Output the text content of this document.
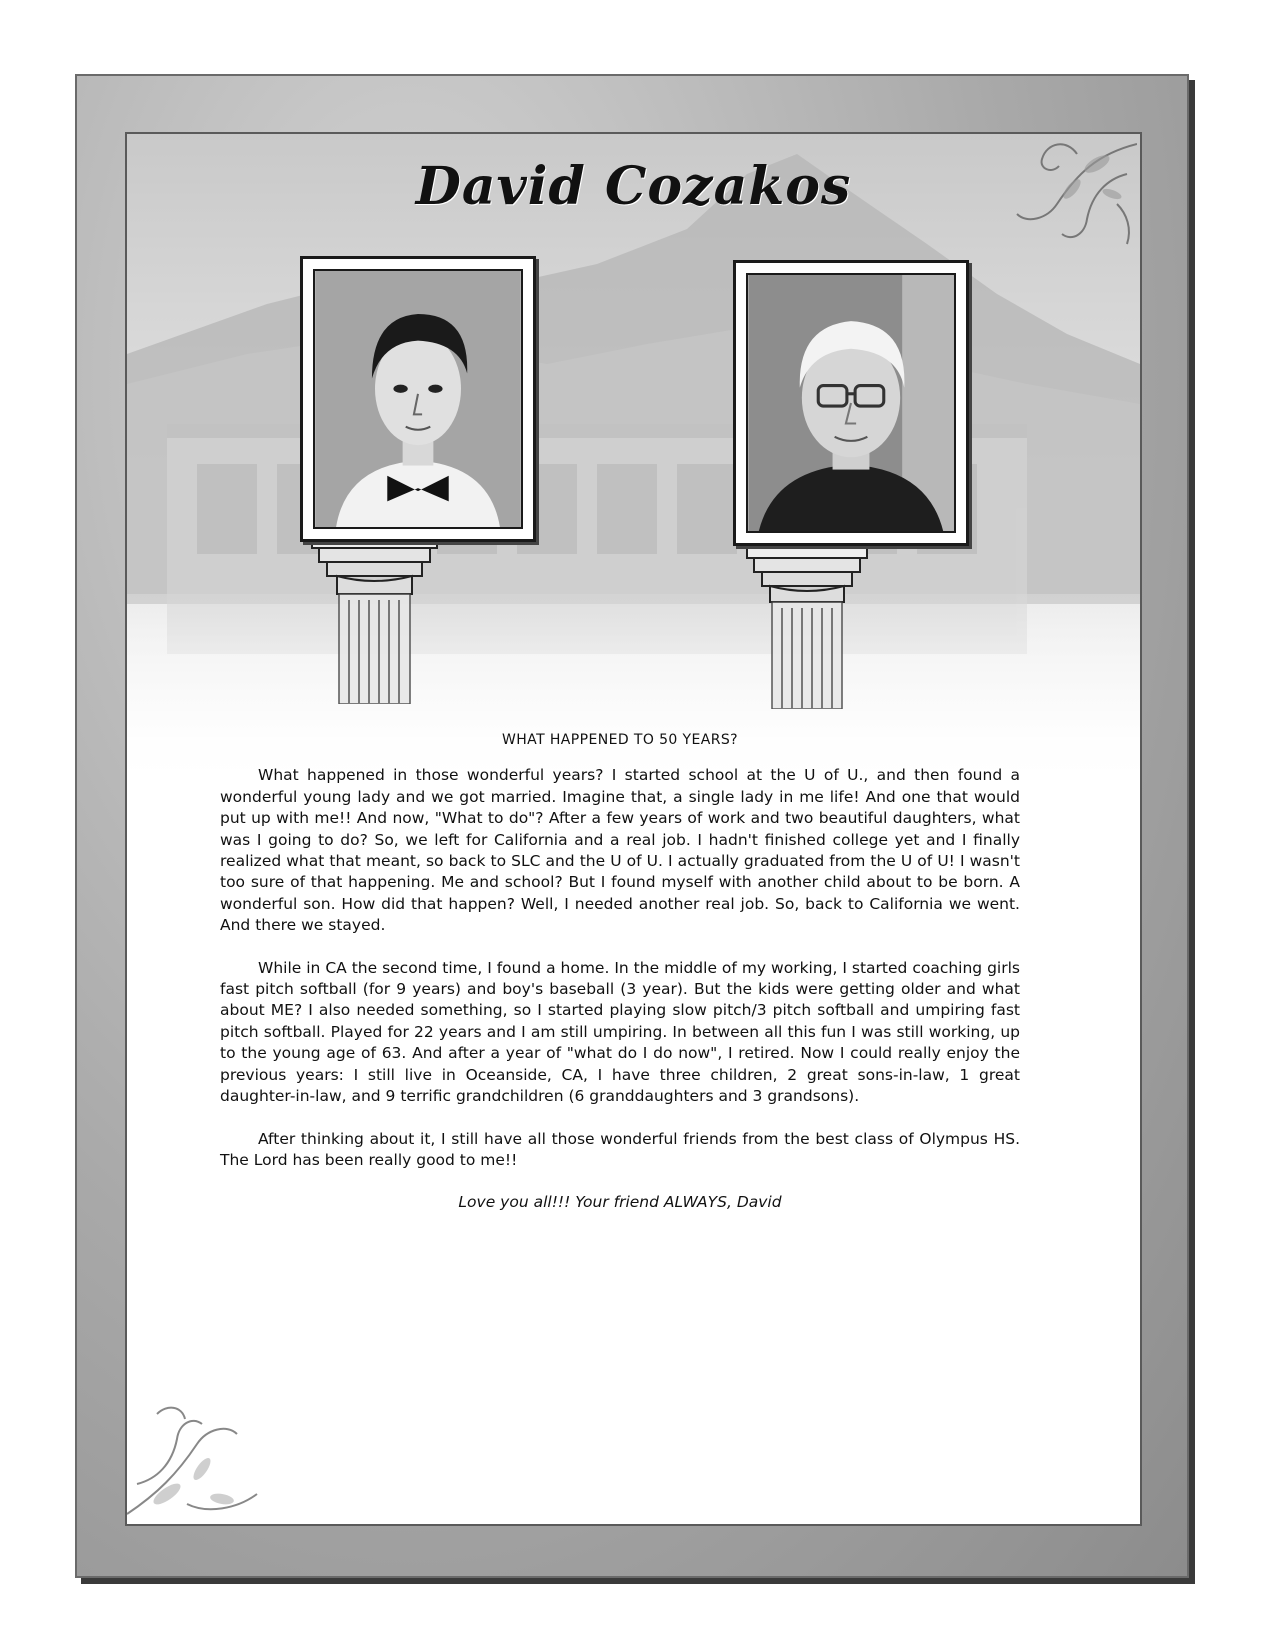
David Cozakos

WHAT HAPPENED TO 50 YEARS?

What happened in those wonderful years? I started school at the U of U., and then found a wonderful young lady and we got married. Imagine that, a single lady in me life! And one that would put up with me!! And now, "What to do"? After a few years of work and two beautiful daughters, what was I going to do? So, we left for California and a real job. I hadn't finished college yet and I finally realized what that meant, so back to SLC and the U of U. I actually graduated from the U of U! I wasn't too sure of that happening. Me and school? But I found myself with another child about to be born. A wonderful son. How did that happen? Well, I needed another real job. So, back to California we went. And there we stayed.

While in CA the second time, I found a home. In the middle of my working, I started coaching girls fast pitch softball (for 9 years) and boy's baseball (3 year). But the kids were getting older and what about ME? I also needed something, so I started playing slow pitch/3 pitch softball and umpiring fast pitch softball. Played for 22 years and I am still umpiring. In between all this fun I was still working, up to the young age of 63. And after a year of "what do I do now", I retired. Now I could really enjoy the previous years: I still live in Oceanside, CA, I have three children, 2 great sons-in-law, 1 great daughter-in-law, and 9 terrific grandchildren (6 granddaughters and 3 grandsons).

After thinking about it, I still have all those wonderful friends from the best class of Olympus HS. The Lord has been really good to me!!

Love you all!!! Your friend ALWAYS, David
